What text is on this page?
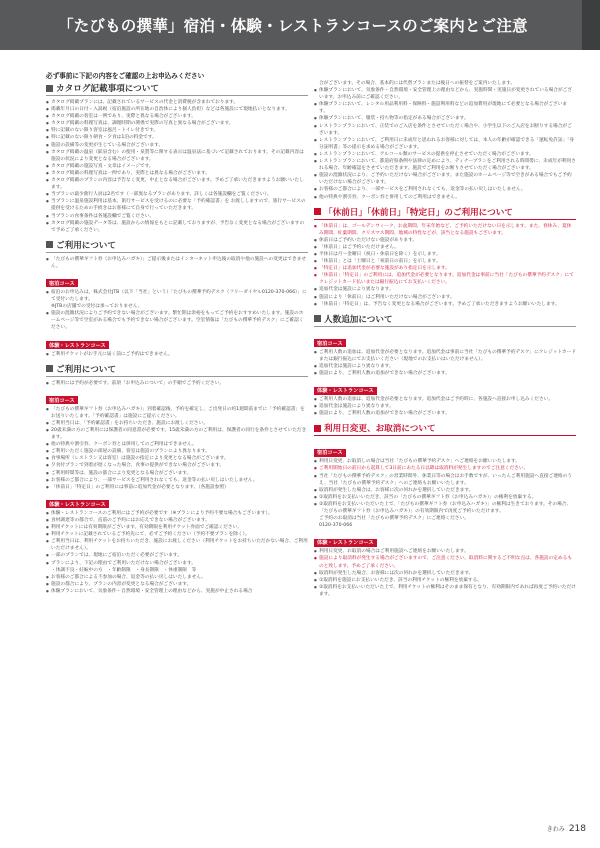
「たびもの撰華」宿泊・体験・レストランコースのご案内とご注意
必ず事前に下記の内容をご確認の上お申込みください
カタログ記載事項について
● カタログ掲載プランには、記載されているサービスの代金と消費税が含まれております。
● 掲載年月日の日付・入湯税（宿泊施設の所在地の自治体により個人負担）などは各施設にて現地払いとなります。
● カタログ掲載の客室は一例であり、実際と異なる場合がございます。
● カタログ掲載の料理写真は、調理時期の関係で実際の写真と異なる場合がございます。
● 特に記載のない限り客室は風呂・トイレ付きです。
● 特に記載のない限り朝食・夕食は1泊の料金です。
● 施設の設備等の変更が生じている場合がございます。
● カタログ掲載の温泉（鉱泉含む）の使用・泉質等に関する表示は温泉法に基づいて記載されております。その記載内容は施設の状況により変更となる場合がございます。
● カタログ掲載の施設写真・文章はイメージです。
● カタログ掲載の料理写真は一例であり、実際とは異なる場合がございます。
● カタログ掲載のプランの内容は予告なく変更、中止となる場合がございます。予めご了承いただきますようお願いいたします。
● 当プランの最少催行人員は2名です（一部異なるプランがあります。詳しくは各施設欄をご覧ください）。
● 当プランに温泉施設利用は基本、旅行サービスを受けるのに必要な「予約確認書」を お渡ししますので、旅行サービスの提供を受けるための手続きはお客様にて自身で行っていただきます。
● 当プランの食事条件は各施設欄でご覧ください。
● カタログ掲載の施設データ等は、施設からの情報をもとに記載しておりますが、予告なく変更となる場合がございますので予めご了承ください。
ご利用について
● 「たびもの撰華ギフト券（お申込みハガキ）」ご提示後またはインターネット申込後の取消や他の施設への変更はできません。
宿泊コース
● 宿泊のお申込みは、株式会社JTB（以下「当社」という）「たびもの撰華予約デスク（フリーダイヤル0120-370-066）」にて受付いたします。
※JTBの店舗での受付は承っておりません。
● 施設の混雑状況によりご予約できない場合がございます。繁忙期は余裕をもってご予約をおすすめいたします。施設のホームページ等で空室がある場合でも予約できない場合がございます。空室情報は「たびもの撰華予約デスク」にご確認ください。
体験・レストランコース
● ご利用チケットがお手元に届く前にご予約はできません。
ご利用について
● ご利用には予約が必要です。前項「お申込みについて」の手順でご予約ください。
宿泊コース
● 「たびもの撰華ギフト券（お申込みハガキ）」到着確認後、予約を確定し、ご出発日の約1週間前までに「予約確認書」をお送りいたします。「予約確認書」は施設にご提示ください。
● ご利用当日は、「予約確認書」をお持ちいただき、施設にお渡しください。
● 20歳未満の方のご利用には保護者の同意書が必要です。15歳未満の方のご利用は、保護者の同行を条件とさせていただきます。
● 他の特典や割引券、クーポン券とは併用してのご利用はできません。
● ご利用いただく施設の部屋の設備、客室は施設のプランにより異なります。
● 食事場所（レストラン又は客室）は施設の指定により変更となる場合がございます。
● 夕食付プランで到着が遅くなった場合、食事の提供ができない場合がございます。
● ご利用時間等は、施設の都合により変更となる場合がございます。
● お客様のご都合により、一部サービスをご利用されなくても、返金等の払い戻しはいたしません。
● 「休前日」「特定日」のご利用には事前に追加代金が必要となります。（各施設参照）
体験・レストランコース
● 体験・レストランコースのご利用にはご予約が必要です（※プランにより予約不要な場合もございます）。
● 食材調達等の都合で、直前のご予約にはお応えできない場合がございます。
● 利用チケットには有効期限がございます。有効期限を利用チケット券面でご確認ください。
● 利用チケットに記載されているご予約先にて、必ずご予約ください（予約不要プランを除く）。
● ご利用当日は、利用チケットをお持ちいただき、施設にお渡しください（利用チケットをお持ちいただかない場合、ご利用いただけません）。
● 一部のプランでは、現地にご宿泊いただく必要がございます。
● プランにより、下記の理由でご利用いただけない場合がございます。
・体調不良・妊娠中の方　・年齢制限　・身長制限　・体重制限　等
● お客様のご都合による不参加の場合、返金等の払い戻しはいたしません。
● 施設の都合により、プランの内容が変更となる場合がございます。
● 体験プランにおいて、気象条件・自然環境・安全管理上の理由などから、実施が中止される場合
合がございます。その場合、基本的には代替プランまたは後日への振替をご案内いたします。
● 体験プランにおいて、気象条件・自然環境・安全管理上の理由などから、実施時間・実施日が変更されている場合がございます。お申込み前にご確認ください。
● 体験プランにおいて、レンタル用品利用料・保険料・施設利用料などの追加費用が現地にて必要となる場合がございます。
● 体験プランにおいて、服装・持ち物等の指定がある場合がございます。
● レストランプランにおいて、正装でのご入店を条件とさせていただく場合や、小学生以下のご入店をお断りする場合がございます。
● レストランプランにおいて、ご利用日に未成年と思われるお客様に対しては、本人の年齢が確認できる「運転免許証」「身分証明書」等の提示を求める場合がございます。
● レストランプランにおいて、アルコール類のサービスの提供を停止させていただく場合がございます。
● レストランプランにおいて、都道府県条例や法律の定めにより、ディナープランをご利用される時間帯に、未成年が利用される場合、年齢確認をさせていただきます。施設でご利用をお断りさせていただく場合がございます。
● 施設の混雑状況により、ご予約いただけない場合がございます。また施設のホームページ等で空きがある場合でもご予約いただけない場合がございます。
● お客様のご都合により、一部サービスをご利用されなくても、返金等の払い戻しはいたしません。
● 他の特典や割引券、クーポン券と併用してのご利用はできません。
「休前日」「休前日」「特定日」のご利用について
● 「休前日」は、ゴールデンウィーク、お盆期間、年末年始など、ご予約いただけない日を示します。また、春休み、夏休み期間、紅葉期間、クリスマス期間、地域の特性などが、該当となる施設もございます。
● 休前日はご予約いただけない施設があります。
● 「休前日」はご予約いただけません。
● 平休日は月～金曜日（祝日・休前日を除く）を示します。
● 「休前日」とは「土曜日と「祝前日の前日」を示します。
● 「特定日」は追加代金が必要な施設があり指定日を示します。
● 「休前日」「特定日」のご利用には、追加代金が必要となります。追加代金は事前に当社「たびもの撰華予約デスク」にてクレジットカード払いまたは銀行振込にてお支払いください。
● 追加代金は施設により異なります。
● 施設により「休前日」はご利用いただけない場合がございます。
● 「休前日」「特定日」は、予告なく変更となる場合がございます。予めご了承いただきますようお願いいたします。
人数追加について
宿泊コース
● ご利用人数の追加は、追加代金が必要となります。追加代金は事前に当社「たびもの撰華予約デスク」にクレジットカードまたは銀行振込にてお支払いください（現地でのお支払いはいただけません）。
● 追加代金は施設により異なります。
● 施設により、ご利用人数の追加ができない場合がございます。
体験・レストランコース
● ご利用人数の追加は、追加代金が必要となります。追加代金はご予約時に、各施設へ直接お申し込みください。
● 追加代金は施設により異なります。
● 施設により、ご利用人数の追加ができない場合がございます。
利用日変更、お取消について
宿泊コース
● 利用日変更、お取消しの場合は当社「たびもの撰華予約デスク」へご連絡をお願いいたします。
● ご利用開始日の前日から起算して3日前にあたる日以降は取消料が発生しますのでご注意ください。
● 当社「たびもの撰華予約デスク」の営業時間外、休業日等の場合はお手数ですが、いったんご利用施設へ直接ご連絡のうえ、当社「たびもの撰華予約デスク」へのご連絡もお願いいたします。
● 取消料が発生した場合は、お客様に次の何れかを選択していただきます。
● ①取消料をお支払いいただき、該当の「たびもの撰華ギフト券（お申込みハガキ）」の権利を放棄する。
● ②取消料をお支払いいただいた上で、「たびもの撰華ギフト券（お申込みハガキ）」の権利は生きております。その場合、「たびもの撰華ギフト券（お申込みハガキ）」の有効期限内で再度ご予約いただけます。
ご予約のお取消は当社「たびもの撰華予約デスク」にご連絡ください。
0120-370-066
体験・レストランコース
● 利用日変更、お取消の場合はご利用施設へご連絡をお願いいたします。
● 施設により取消料が発生する場合がございますので、ご注意ください。取消料に関するご不明な点は、各施設の定めるものと致します。予めご了承ください。
● 取消料が発生した場合、お客様には次の何れかを選択していただきます。
● ①取消料を施設にお支払いいただき、該当の利用チケットの権利を放棄する。
● ②取消料をお支払いいただいた上で、利用チケットの権利はそのまま保有となり、有効期限内であれば再度ご予約いただけます。
きわみ 218
